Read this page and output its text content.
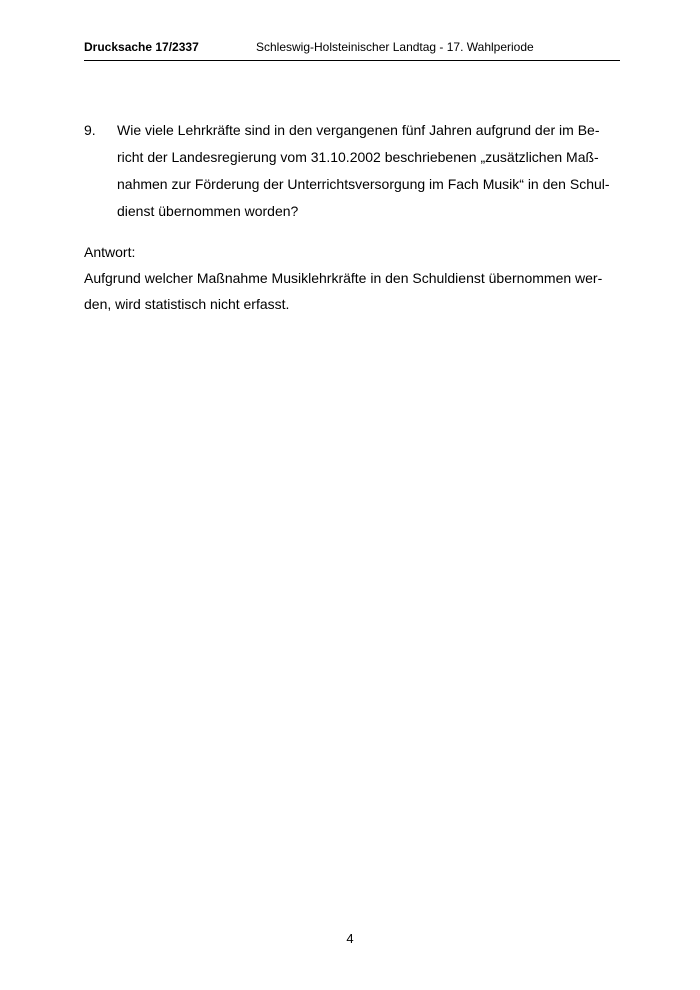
Drucksache 17/2337	Schleswig-Holsteinischer Landtag - 17. Wahlperiode
9. Wie viele Lehrkräfte sind in den vergangenen fünf Jahren aufgrund der im Be-
richt der Landesregierung vom 31.10.2002 beschriebenen „zusätzlichen Maß-
nahmen zur Förderung der Unterrichtsversorgung im Fach Musik“ in den Schul-
dienst übernommen worden?
Antwort:
Aufgrund welcher Maßnahme Musiklehrkräfte in den Schuldienst übernommen wer-
den, wird statistisch nicht erfasst.
4
